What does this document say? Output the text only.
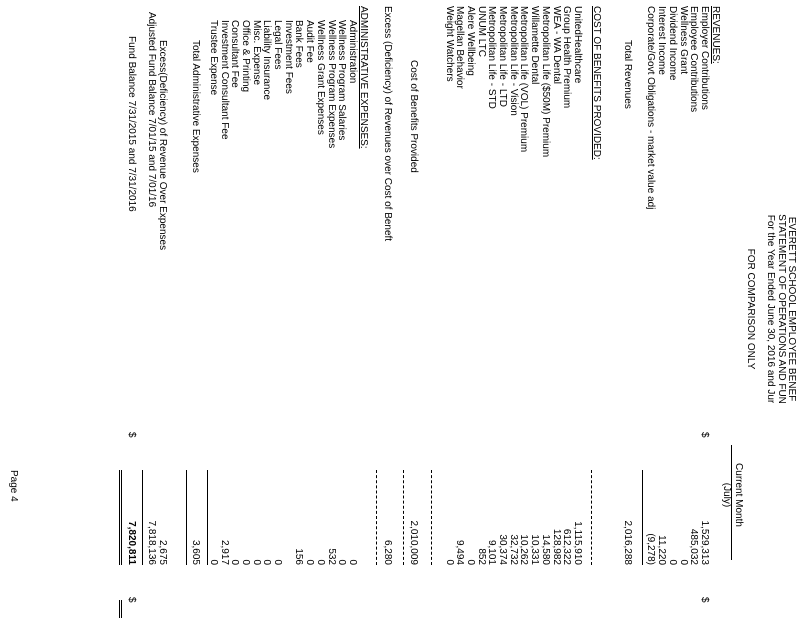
EVERETT SCHOOL EMPLOYEE BENEF
STATEMENT OF OPERATIONS AND FUN
For the Year Ended June 30, 2016 and Jur
FOR COMPARISON ONLY
Current Month
(July)
REVENUES:
$
$
Employer Contributions
1,529,313
Employee Contributions
485,032
Wellness Grant
0
Dividend Income
0
Interest Income
11,220
Corporate/Govt Obligations - market value adj
(9,278)
Total Revenues
2,016,288
COST OF BENEFITS PROVIDED:
UnitedHealthcare
1,115,910
Group Health Premium
612,322
WEA - WA Dental
128,982
Metropolitan Life ($50M) Premium
14,580
Willamette Dental
10,331
Metropolitan Life (VOL) Premium
10,262
Metropolitan Life - Vision
32,732
Metropolitan Life - LTD
30,374
Metropolitan Life - STD
9,101
UNUM LTC
852
Alere Wellbeing
0
Magellan Behavior
9,494
Weight Watchers
0
Cost of Benefits Provided
2,010,009
Excess (Deficiency) of Revenues over Cost of Beneft
6,280
ADMINISTRATIVE EXPENSES:
Administration
0
Wellness Program Salaries
0
Wellness Program Expenses
532
Wellness Grant Expenses
0
Audit Fee
0
Bank Fees
156
Investment Fees
Legal Fees
0
Liability Insurance
0
Misc. Expense
0
Office & Printing
0
Consultant Fee
0
Investment Consultant Fee
2,917
Trustee Expense
0
Total Administrative Expenses
3,605
Excess(Deficiency) of Revenue Over Expenses
2,675
Adjusted Fund Balance 7/01/15 and 7/01/16
7,818,136
Fund Balance 7/31/2015 and 7/31/2016
$
7,820,811
$
Page 4
